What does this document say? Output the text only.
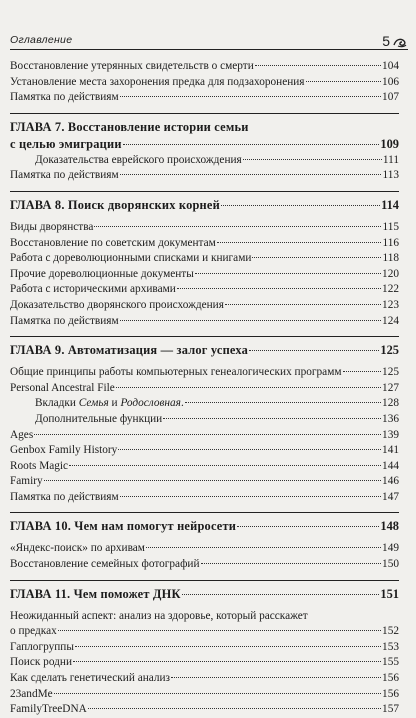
Оглавление	5
Восстановление утерянных свидетельств о смерти	104
Установление места захоронения предка для подзахоронения	106
Памятка по действиям	107
ГЛАВА 7. Восстановление истории семьи
с целью эмиграции	109
Доказательства еврейского происхождения	111
Памятка по действиям	113
ГЛАВА 8. Поиск дворянских корней	114
Виды дворянства	115
Восстановление по советским документам	116
Работа с дореволюционными списками и книгами	118
Прочие дореволюционные документы	120
Работа с историческими архивами	122
Доказательство дворянского происхождения	123
Памятка по действиям	124
ГЛАВА 9. Автоматизация — залог успеха	125
Общие принципы работы компьютерных генеалогических программ	125
Personal Ancestral File	127
Вкладки Семья и Родословная.	128
Дополнительные функции	136
Ages	139
Genbox Family History	141
Roots Magic	144
Famiry	146
Памятка по действиям	147
ГЛАВА 10. Чем нам помогут нейросети	148
«Яндекс-поиск» по архивам	149
Восстановление семейных фотографий	150
ГЛАВА 11. Чем поможет ДНК	151
Неожиданный аспект: анализ на здоровье, который расскажет
о предках	152
Гаплогруппы	153
Поиск родни	155
Как сделать генетический анализ	156
23andMe	156
FamilyTreeDNA	157
